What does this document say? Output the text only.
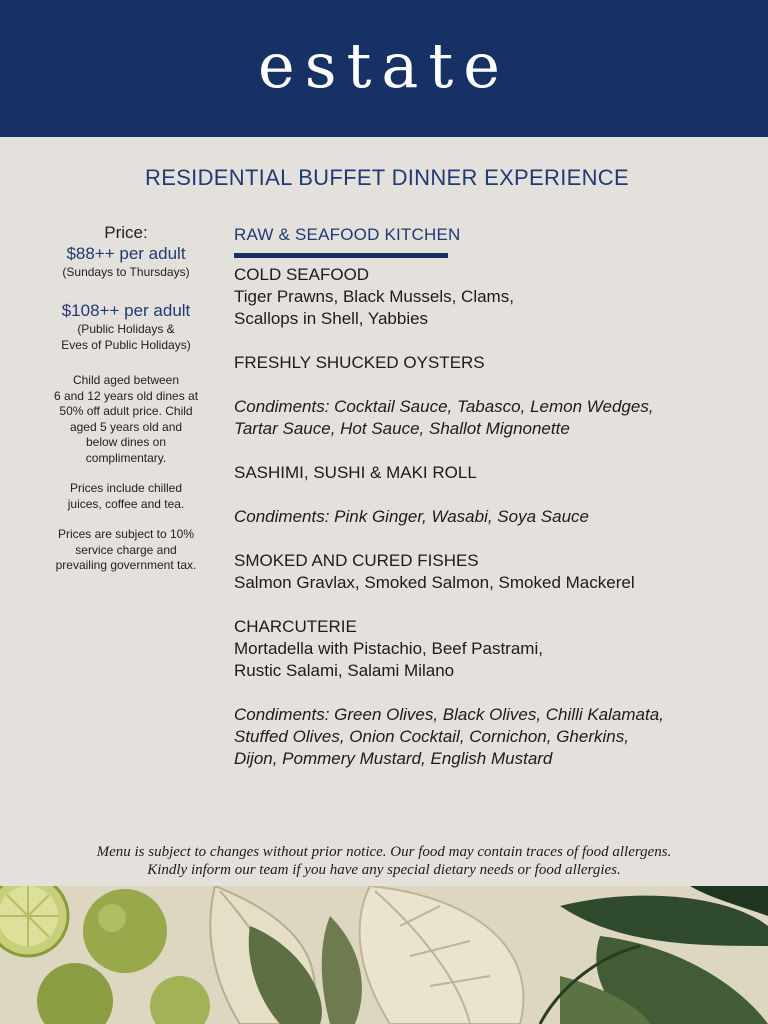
estate
RESIDENTIAL BUFFET DINNER EXPERIENCE
Price:
$88++ per adult
(Sundays to Thursdays)
$108++ per adult
(Public Holidays &
Eves of Public Holidays)
Child aged between
6 and 12 years old dines at
50% off adult price. Child
aged 5 years old and
below dines on
complimentary.
Prices include chilled
juices, coffee and tea.
Prices are subject to 10%
service charge and
prevailing government tax.
RAW & SEAFOOD KITCHEN
COLD SEAFOOD
Tiger Prawns, Black Mussels, Clams,
Scallops in Shell, Yabbies
FRESHLY SHUCKED OYSTERS
Condiments: Cocktail Sauce, Tabasco, Lemon Wedges,
Tartar Sauce, Hot Sauce, Shallot Mignonette
SASHIMI, SUSHI & MAKI ROLL
Condiments: Pink Ginger, Wasabi, Soya Sauce
SMOKED AND CURED FISHES
Salmon Gravlax, Smoked Salmon, Smoked Mackerel
CHARCUTERIE
Mortadella with Pistachio, Beef Pastrami,
Rustic Salami, Salami Milano
Condiments: Green Olives, Black Olives, Chilli Kalamata,
Stuffed Olives, Onion Cocktail, Cornichon, Gherkins,
Dijon, Pommery Mustard, English Mustard
Menu is subject to changes without prior notice. Our food may contain traces of food allergens.
Kindly inform our team if you have any special dietary needs or food allergies.
